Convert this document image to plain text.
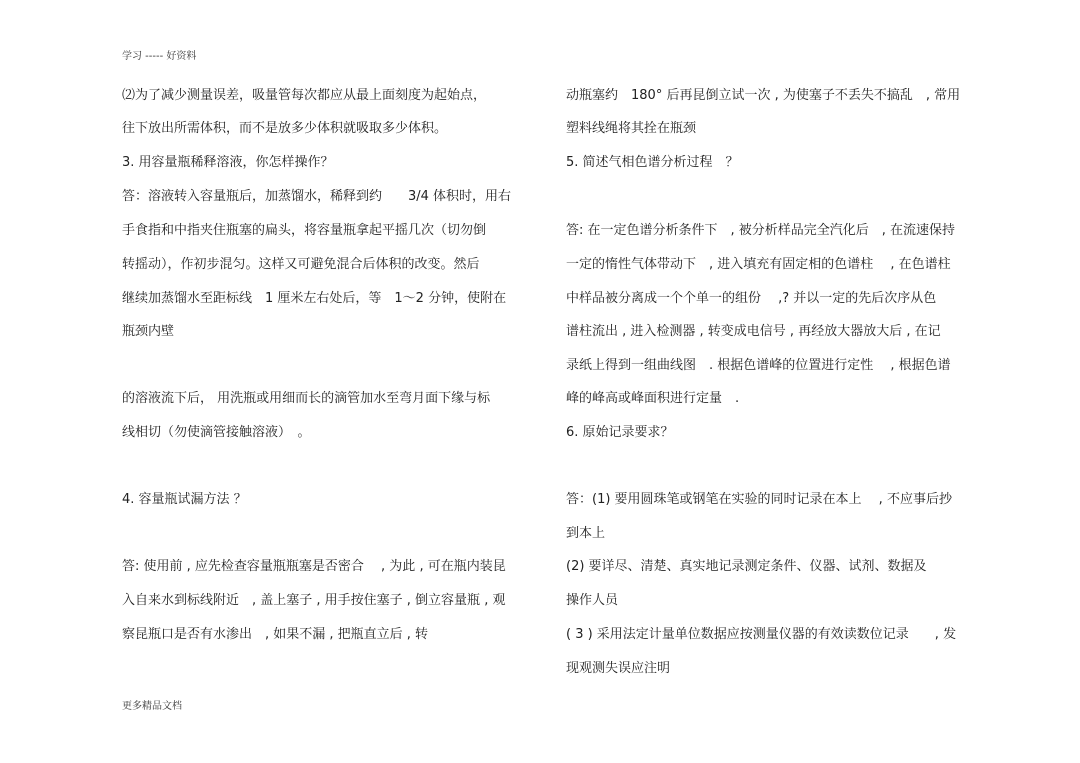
学习 ----- 好资料
⑵为了减少测量误差，吸量管每次都应从最上面刻度为起始点，
往下放出所需体积，而不是放多少体积就吸取多少体积。
3. 用容量瓶稀释溶液，你怎样操作？
答：溶液转入容量瓶后，加蒸馏水，稀释到约　　3/4 体积时，用右
手食指和中指夹住瓶塞的扁头，将容量瓶拿起平摇几次（切勿倒
转摇动），作初步混匀。这样又可避免混合后体积的改变。然后
继续加蒸馏水至距标线　1 厘米左右处后，等　1～2 分钟，使附在
瓶颈内壁
的溶液流下后， 用洗瓶或用细而长的滴管加水至弯月面下缘与标
线相切（勿使滴管接触溶液）　。
4. 容量瓶试漏方法 ？
答: 使用前 , 应先检查容量瓶瓶塞是否密合　 , 为此 , 可在瓶内装昆
入自来水到标线附近　, 盖上塞子 , 用手按住塞子 , 倒立容量瓶 , 观
察昆瓶口是否有水渗出　, 如果不漏 , 把瓶直立后 , 转
动瓶塞约　180° 后再昆倒立试一次 , 为使塞子不丢失不搞乱　, 常用
塑料线绳将其拴在瓶颈
5. 简述气相色谱分析过程　？
答: 在一定色谱分析条件下　, 被分析样品完全汽化后　, 在流速保持
一定的惰性气体带动下　, 进入填充有固定相的色谱柱　 , 在色谱柱
中样品被分离成一个个单一的组份　 ,? 并以一定的先后次序从色
谱柱流出 , 进入检测器 , 转变成电信号 , 再经放大器放大后 , 在记
录纸上得到一组曲线图　. 根据色谱峰的位置进行定性　 , 根据色谱
峰的峰高或峰面积进行定量　.
6. 原始记录要求？
答：(1) 要用圆珠笔或钢笔在实验的同时记录在本上　 , 不应事后抄
到本上
(2) 要详尽、清楚、真实地记录测定条件、仪器、试剂、数据及
操作人员
( 3 ) 采用法定计量单位数据应按测量仪器的有效读数位记录　　, 发
现观测失误应注明
更多精品文档
